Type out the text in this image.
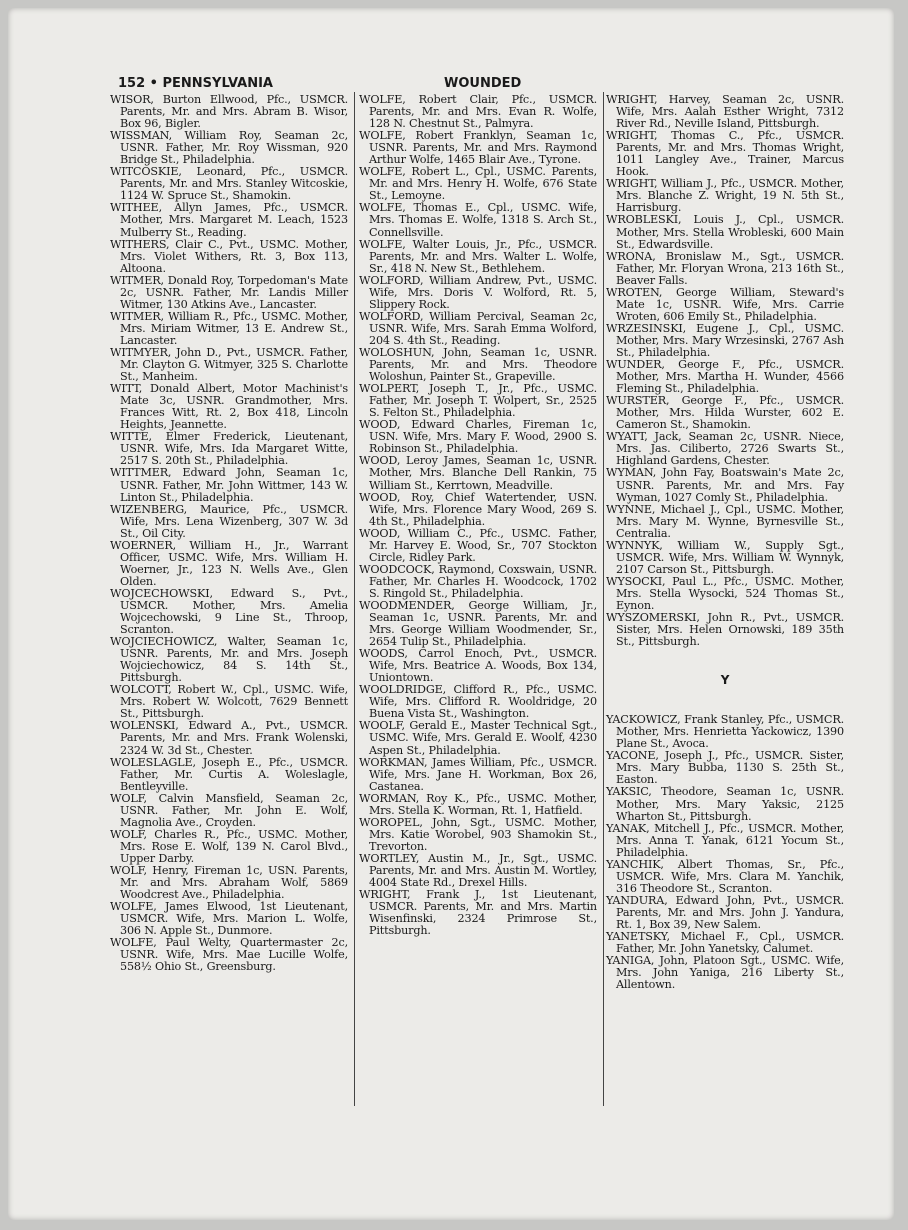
152 • PENNSYLVANIA	WOUNDED
WISOR, Burton Ellwood, Pfc., USMCR. Parents, Mr. and Mrs. Abram B. Wisor, Box 96, Bigler.
WISSMAN, William Roy, Seaman 2c, USNR. Father, Mr. Roy Wissman, 920 Bridge St., Philadelphia.
WITCOSKIE, Leonard, Pfc., USMCR. Parents, Mr. and Mrs. Stanley Witcoskie, 1124 W. Spruce St., Shamokin.
WITHEE, Allyn James, Pfc., USMCR. Mother, Mrs. Margaret M. Leach, 1523 Mulberry St., Reading.
WITHERS, Clair C., Pvt., USMC. Mother, Mrs. Violet Withers, Rt. 3, Box 113, Altoona.
WITMER, Donald Roy, Torpedoman's Mate 2c, USNR. Father, Mr. Landis Miller Witmer, 130 Atkins Ave., Lancaster.
WITMER, William R., Pfc., USMC. Mother, Mrs. Miriam Witmer, 13 E. Andrew St., Lancaster.
WITMYER, John D., Pvt., USMCR. Father, Mr. Clayton G. Witmyer, 325 S. Charlotte St., Manheim.
WITT, Donald Albert, Motor Machinist's Mate 3c, USNR. Grandmother, Mrs. Frances Witt, Rt. 2, Box 418, Lincoln Heights, Jeannette.
WITTE, Elmer Frederick, Lieutenant, USNR. Wife, Mrs. Ida Margaret Witte, 2517 S. 20th St., Philadelphia.
WITTMER, Edward John, Seaman 1c, USNR. Father, Mr. John Wittmer, 143 W. Linton St., Philadelphia.
WIZENBERG, Maurice, Pfc., USMCR. Wife, Mrs. Lena Wizenberg, 307 W. 3d St., Oil City.
WOERNER, William H., Jr., Warrant Officer, USMC. Wife, Mrs. William H. Woerner, Jr., 123 N. Wells Ave., Glen Olden.
WOJCECHOWSKI, Edward S., Pvt., USMCR. Mother, Mrs. Amelia Wojcechowski, 9 Line St., Throop, Scranton.
WOJCIECHOWICZ, Walter, Seaman 1c, USNR. Parents, Mr. and Mrs. Joseph Wojciechowicz, 84 S. 14th St., Pittsburgh.
WOLCOTT, Robert W., Cpl., USMC. Wife, Mrs. Robert W. Wolcott, 7629 Bennett St., Pittsburgh.
WOLENSKI, Edward A., Pvt., USMCR. Parents, Mr. and Mrs. Frank Wolenski, 2324 W. 3d St., Chester.
WOLESLAGLE, Joseph E., Pfc., USMCR. Father, Mr. Curtis A. Woleslagle, Bentleyville.
WOLF, Calvin Mansfield, Seaman 2c, USNR. Father, Mr. John E. Wolf, Magnolia Ave., Croyden.
WOLF, Charles R., Pfc., USMC. Mother, Mrs. Rose E. Wolf, 139 N. Carol Blvd., Upper Darby.
WOLF, Henry, Fireman 1c, USN. Parents, Mr. and Mrs. Abraham Wolf, 5869 Woodcrest Ave., Philadelphia.
WOLFE, James Elwood, 1st Lieutenant, USMCR. Wife, Mrs. Marion L. Wolfe, 306 N. Apple St., Dunmore.
WOLFE, Paul Welty, Quartermaster 2c, USNR. Wife, Mrs. Mae Lucille Wolfe, 558½ Ohio St., Greensburg.
WOLFE, Robert Clair, Pfc., USMCR. Parents, Mr. and Mrs. Evan R. Wolfe, 128 N. Chestnut St., Palmyra.
WOLFE, Robert Franklyn, Seaman 1c, USNR. Parents, Mr. and Mrs. Raymond Arthur Wolfe, 1465 Blair Ave., Tyrone.
WOLFE, Robert L., Cpl., USMC. Parents, Mr. and Mrs. Henry H. Wolfe, 676 State St., Lemoyne.
WOLFE, Thomas E., Cpl., USMC. Wife, Mrs. Thomas E. Wolfe, 1318 S. Arch St., Connellsville.
WOLFE, Walter Louis, Jr., Pfc., USMCR. Parents, Mr. and Mrs. Walter L. Wolfe, Sr., 418 N. New St., Bethlehem.
WOLFORD, William Andrew, Pvt., USMC. Wife, Mrs. Doris V. Wolford, Rt. 5, Slippery Rock.
WOLFORD, William Percival, Seaman 2c, USNR. Wife, Mrs. Sarah Emma Wolford, 204 S. 4th St., Reading.
WOLOSHUN, John, Seaman 1c, USNR. Parents, Mr. and Mrs. Theodore Woloshun, Painter St., Grapeville.
WOLPERT, Joseph T., Jr., Pfc., USMC. Father, Mr. Joseph T. Wolpert, Sr., 2525 S. Felton St., Philadelphia.
WOOD, Edward Charles, Fireman 1c, USN. Wife, Mrs. Mary F. Wood, 2900 S. Robinson St., Philadelphia.
WOOD, Leroy James, Seaman 1c, USNR. Mother, Mrs. Blanche Dell Rankin, 75 William St., Kerrtown, Meadville.
WOOD, Roy, Chief Watertender, USN. Wife, Mrs. Florence Mary Wood, 269 S. 4th St., Philadelphia.
WOOD, William C., Pfc., USMC. Father, Mr. Harvey E. Wood, Sr., 707 Stockton Circle, Ridley Park.
WOODCOCK, Raymond, Coxswain, USNR. Father, Mr. Charles H. Woodcock, 1702 S. Ringold St., Philadelphia.
WOODMENDER, George William, Jr., Seaman 1c, USNR. Parents, Mr. and Mrs. George William Woodmender, Sr., 2654 Tulip St., Philadelphia.
WOODS, Carrol Enoch, Pvt., USMCR. Wife, Mrs. Beatrice A. Woods, Box 134, Uniontown.
WOOLDRIDGE, Clifford R., Pfc., USMC. Wife, Mrs. Clifford R. Wooldridge, 20 Buena Vista St., Washington.
WOOLF, Gerald E., Master Technical Sgt., USMC. Wife, Mrs. Gerald E. Woolf, 4230 Aspen St., Philadelphia.
WORKMAN, James William, Pfc., USMCR. Wife, Mrs. Jane H. Workman, Box 26, Castanea.
WORMAN, Roy K., Pfc., USMC. Mother, Mrs. Stella K. Worman, Rt. 1, Hatfield.
WOROPEL, John, Sgt., USMC. Mother, Mrs. Katie Worobel, 903 Shamokin St., Trevorton.
WORTLEY, Austin M., Jr., Sgt., USMC. Parents, Mr. and Mrs. Austin M. Wortley, 4004 State Rd., Drexel Hills.
WRIGHT, Frank J., 1st Lieutenant, USMCR. Parents, Mr. and Mrs. Martin Wisenfinski, 2324 Primrose St., Pittsburgh.
WRIGHT, Harvey, Seaman 2c, USNR. Wife, Mrs. Aalah Esther Wright, 7312 River Rd., Neville Island, Pittsburgh.
WRIGHT, Thomas C., Pfc., USMCR. Parents, Mr. and Mrs. Thomas Wright, 1011 Langley Ave., Trainer, Marcus Hook.
WRIGHT, William J., Pfc., USMCR. Mother, Mrs. Blanche Z. Wright, 19 N. 5th St., Harrisburg.
WROBLESKI, Louis J., Cpl., USMCR. Mother, Mrs. Stella Wrobleski, 600 Main St., Edwardsville.
WRONA, Bronislaw M., Sgt., USMCR. Father, Mr. Floryan Wrona, 213 16th St., Beaver Falls.
WROTEN, George William, Steward's Mate 1c, USNR. Wife, Mrs. Carrie Wroten, 606 Emily St., Philadelphia.
WRZESINSKI, Eugene J., Cpl., USMC. Mother, Mrs. Mary Wrzesinski, 2767 Ash St., Philadelphia.
WUNDER, George F., Pfc., USMCR. Mother, Mrs. Martha H. Wunder, 4566 Fleming St., Philadelphia.
WURSTER, George F., Pfc., USMCR. Mother, Mrs. Hilda Wurster, 602 E. Cameron St., Shamokin.
WYATT, Jack, Seaman 2c, USNR. Niece, Mrs. Jas. Ciliberto, 2726 Swarts St., Highland Gardens, Chester.
WYMAN, John Fay, Boatswain's Mate 2c, USNR. Parents, Mr. and Mrs. Fay Wyman, 1027 Comly St., Philadelphia.
WYNNE, Michael J., Cpl., USMC. Mother, Mrs. Mary M. Wynne, Byrnesville St., Centralia.
WYNNYK, William W., Supply Sgt., USMCR. Wife, Mrs. William W. Wynnyk, 2107 Carson St., Pittsburgh.
WYSOCKI, Paul L., Pfc., USMC. Mother, Mrs. Stella Wysocki, 524 Thomas St., Eynon.
WYSZOMERSKI, John R., Pvt., USMCR. Sister, Mrs. Helen Ornowski, 189 35th St., Pittsburgh.
Y
YACKOWICZ, Frank Stanley, Pfc., USMCR. Mother, Mrs. Henrietta Yackowicz, 1390 Plane St., Avoca.
YACONE, Joseph J., Pfc., USMCR. Sister, Mrs. Mary Bubba, 1130 S. 25th St., Easton.
YAKSIC, Theodore, Seaman 1c, USNR. Mother, Mrs. Mary Yaksic, 2125 Wharton St., Pittsburgh.
YANAK, Mitchell J., Pfc., USMCR. Mother, Mrs. Anna T. Yanak, 6121 Yocum St., Philadelphia.
YANCHIK, Albert Thomas, Sr., Pfc., USMCR. Wife, Mrs. Clara M. Yanchik, 316 Theodore St., Scranton.
YANDURA, Edward John, Pvt., USMCR. Parents, Mr. and Mrs. John J. Yandura, Rt. 1, Box 39, New Salem.
YANETSKY, Michael F., Cpl., USMCR. Father, Mr. John Yanetsky, Calumet.
YANIGA, John, Platoon Sgt., USMC. Wife, Mrs. John Yaniga, 216 Liberty St., Allentown.
